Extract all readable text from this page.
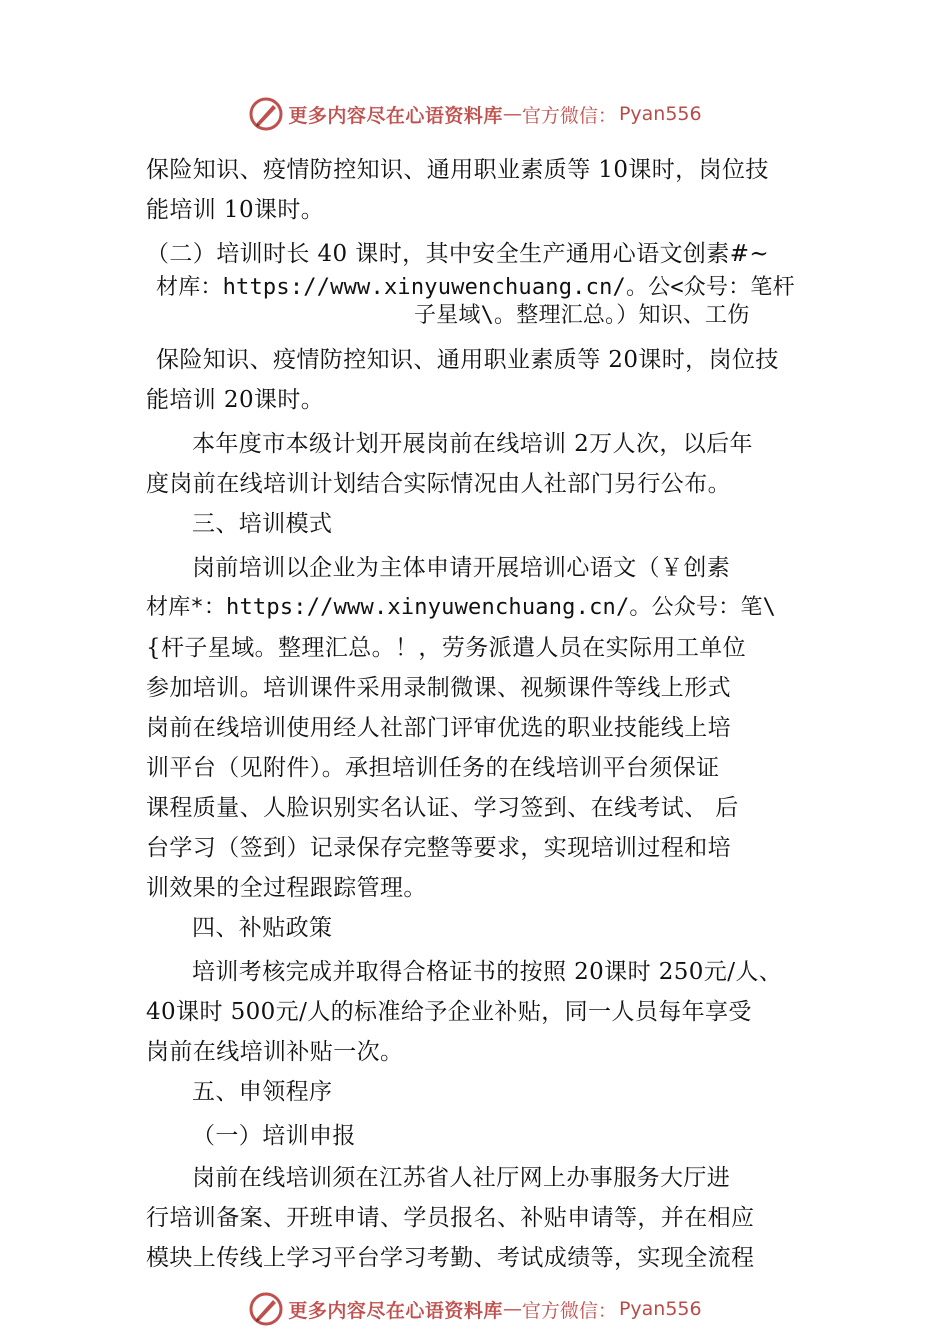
更多内容尽在心语资料库 — 官方微信： Pyan556
保险知识、疫情防控知识、通用职业素质等 10课时，岗位技
能培训 10课时。
（二）培训时长 40 课时，其中安全生产通用心语文创素#~
材库：https://www.xinyuwenchuang.cn/。公<众号：笔杆
子星域\。整理汇总。）知识、工伤
保险知识、疫情防控知识、通用职业素质等 20课时，岗位技
能培训 20课时。
本年度市本级计划开展岗前在线培训 2万人次，以后年
度岗前在线培训计划结合实际情况由人社部门另行公布。
三、培训模式
岗前培训以企业为主体申请开展培训心语文（￥创素
材库*：https://www.xinyuwenchuang.cn/。公众号：笔\
{杆子星域。整理汇总。！，劳务派遣人员在实际用工单位
参加培训。培训课件采用录制微课、视频课件等线上形式
岗前在线培训使用经人社部门评审优选的职业技能线上培
训平台（见附件）。承担培训任务的在线培训平台须保证
课程质量、人脸识别实名认证、学习签到、在线考试、 后
台学习（签到）记录保存完整等要求，实现培训过程和培
训效果的全过程跟踪管理。
四、补贴政策
培训考核完成并取得合格证书的按照 20课时 250元/人、
40课时 500元/人的标准给予企业补贴，同一人员每年享受
岗前在线培训补贴一次。
五、申领程序
（一）培训申报
岗前在线培训须在江苏省人社厅网上办事服务大厅进
行培训备案、开班申请、学员报名、补贴申请等，并在相应
模块上传线上学习平台学习考勤、考试成绩等，实现全流程
更多内容尽在心语资料库 — 官方微信： Pyan556
